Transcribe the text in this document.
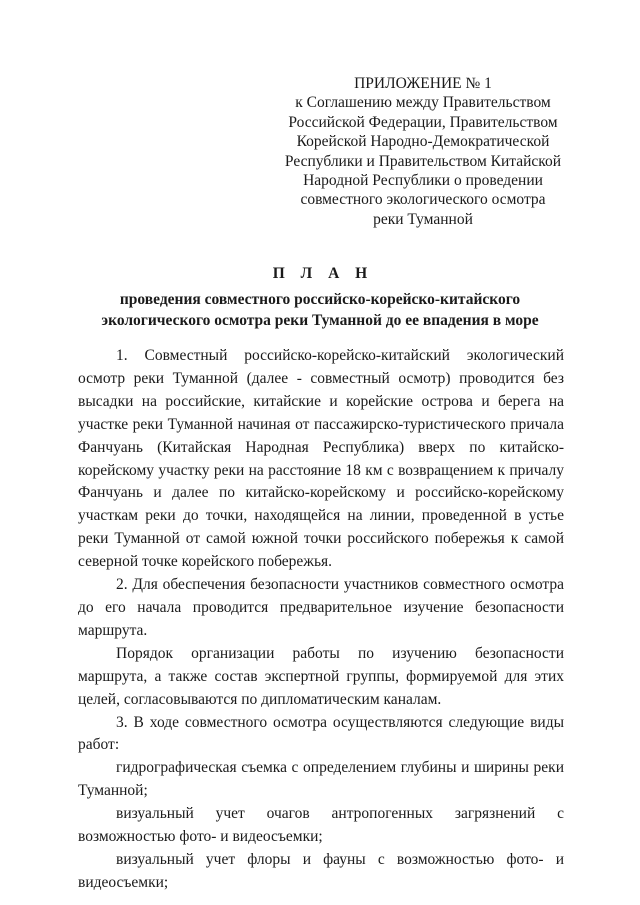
ПРИЛОЖЕНИЕ № 1
к Соглашению между Правительством
Российской Федерации, Правительством
Корейской Народно-Демократической
Республики и Правительством Китайской
Народной Республики о проведении
совместного экологического осмотра
реки Туманной
П Л А Н
проведения совместного российско-корейско-китайского
экологического осмотра реки Туманной до ее впадения в море

1. Совместный российско-корейско-китайский экологический осмотр реки Туманной (далее - совместный осмотр) проводится без высадки на российские, китайские и корейские острова и берега на участке реки Туманной начиная от пассажирско-туристического причала Фанчуань (Китайская Народная Республика) вверх по китайско-корейскому участку реки на расстояние 18 км с возвращением к причалу Фанчуань и далее по китайско-корейскому и российско-корейскому участкам реки до точки, находящейся на линии, проведенной в устье реки Туманной от самой южной точки российского побережья к самой северной точке корейского побережья.

2. Для обеспечения безопасности участников совместного осмотра до его начала проводится предварительное изучение безопасности маршрута.

Порядок организации работы по изучению безопасности маршрута, а также состав экспертной группы, формируемой для этих целей, согласовываются по дипломатическим каналам.

3. В ходе совместного осмотра осуществляются следующие виды работ:

гидрографическая съемка с определением глубины и ширины реки Туманной;

визуальный учет очагов антропогенных загрязнений с возможностью фото- и видеосъемки;

визуальный учет флоры и фауны с возможностью фото- и видеосъемки;
